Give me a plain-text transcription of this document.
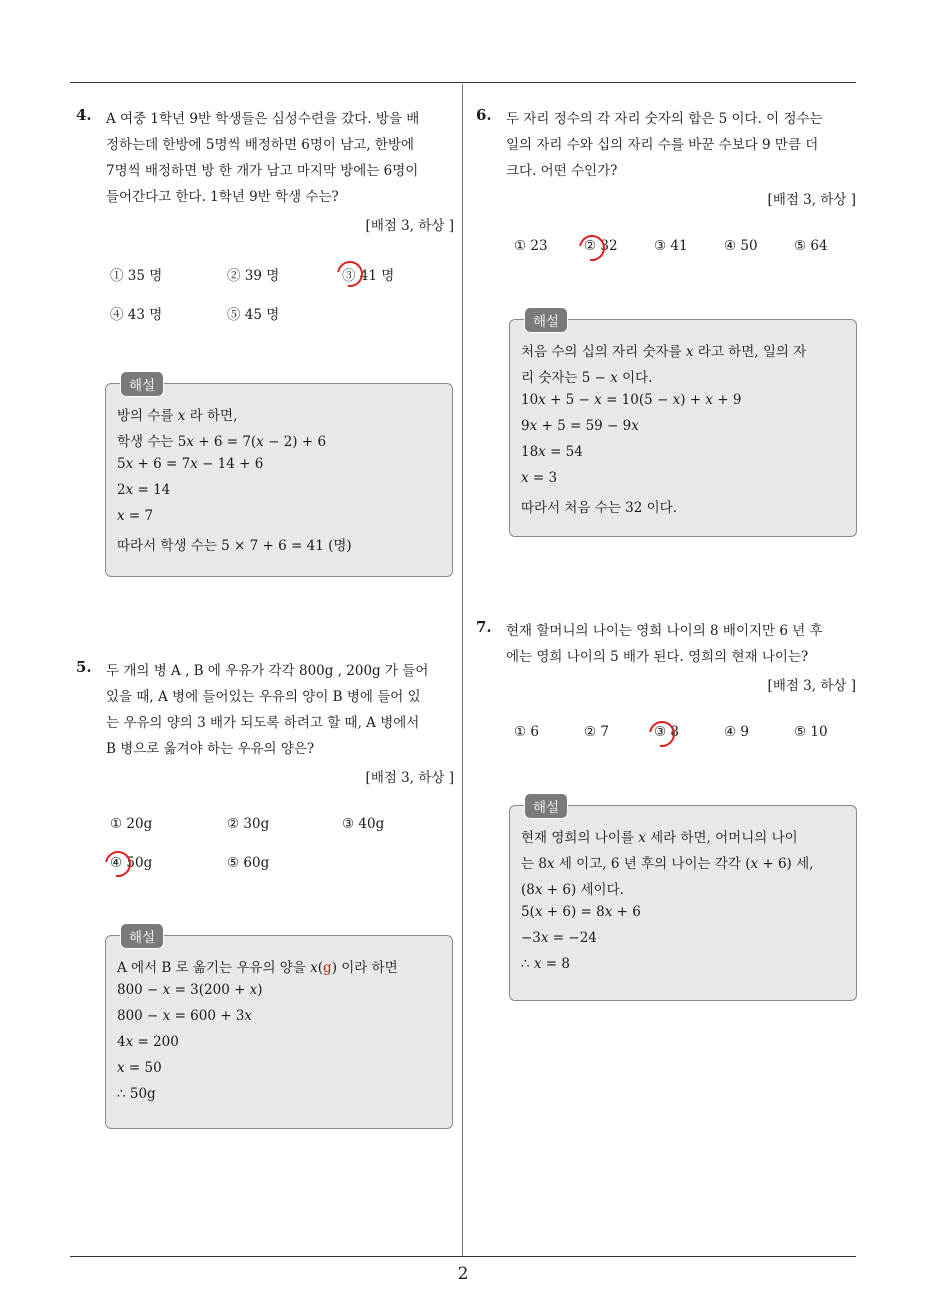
2
4. A 여중 1학년 9반 학생들은 심성수련을 갔다. 방을 배
정하는데 한방에 5명씩 배정하면 6명이 남고, 한방에
7명씩 배정하면 방 한 개가 남고 마지막 방에는 6명이
들어간다고 한다. 1학년 9반 학생 수는?
[배점 3, 하상 ]
① 35 명	② 39 명	③ 41 명
④ 43 명	⑤ 45 명
해설
방의 수를 𝑥 라 하면,
학생 수는 5𝑥 + 6 = 7(𝑥 − 2) + 6
5𝑥 + 6 = 7𝑥 − 14 + 6
2𝑥 = 14
𝑥 = 7
따라서 학생 수는 5 × 7 + 6 = 41 (명)
5. 두 개의 병 A , B 에 우유가 각각 800g , 200g 가 들어
있을 때, A 병에 들어있는 우유의 양이 B 병에 들어 있
는 우유의 양의 3 배가 되도록 하려고 할 때, A 병에서
B 병으로 옮겨야 하는 우유의 양은?
[배점 3, 하상 ]
① 20g	② 30g	③ 40g
④ 50g	⑤ 60g
해설
A 에서 B 로 옮기는 우유의 양을 𝑥(g) 이라 하면
800 − 𝑥 = 3(200 + 𝑥)
800 − 𝑥 = 600 + 3𝑥
4𝑥 = 200
𝑥 = 50
∴ 50g
6. 두 자리 정수의 각 자리 숫자의 합은 5 이다. 이 정수는
일의 자리 수와 십의 자리 수를 바꾼 수보다 9 만큼 더
크다. 어떤 수인가?
[배점 3, 하상 ]
① 23	② 32	③ 41	④ 50	⑤ 64
해설
처음 수의 십의 자리 숫자를 𝑥 라고 하면, 일의 자
리 숫자는 5 − 𝑥 이다.
10𝑥 + 5 − 𝑥 = 10(5 − 𝑥) + 𝑥 + 9
9𝑥 + 5 = 59 − 9𝑥
18𝑥 = 54
𝑥 = 3
따라서 처음 수는 32 이다.
7. 현재 할머니의 나이는 영희 나이의 8 배이지만 6 년 후
에는 영희 나이의 5 배가 된다. 영희의 현재 나이는?
[배점 3, 하상 ]
① 6	② 7	③ 8	④ 9	⑤ 10
해설
현재 영희의 나이를 𝑥 세라 하면, 어머니의 나이
는 8𝑥 세 이고, 6 년 후의 나이는 각각 (𝑥 + 6) 세,
(8𝑥 + 6) 세이다.
5(𝑥 + 6) = 8𝑥 + 6
−3𝑥 = −24
∴ 𝑥 = 8
